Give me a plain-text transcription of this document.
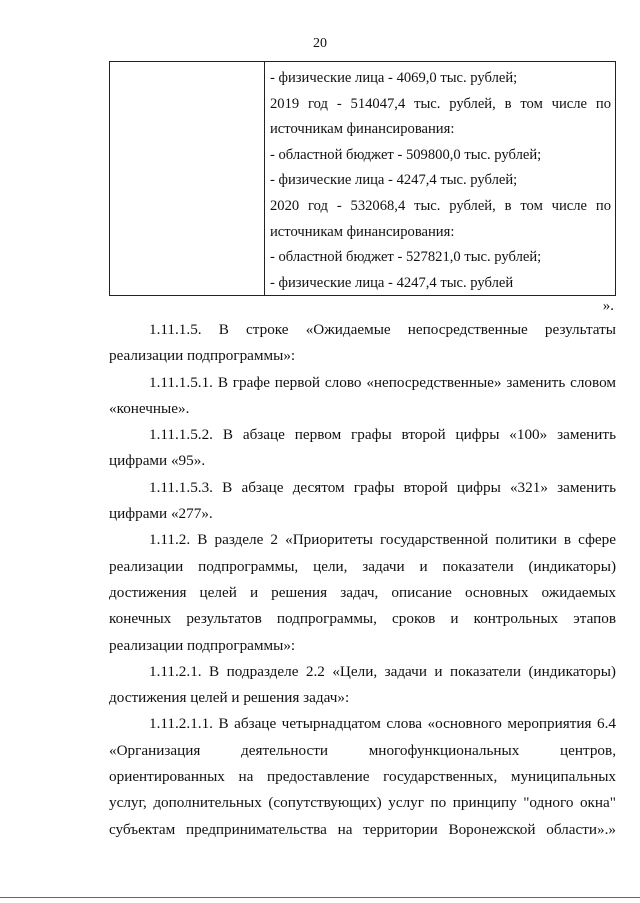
20
- физические лица - 4069,0 тыс. рублей;
2019 год - 514047,4 тыс. рублей, в том числе по
источникам финансирования:
- областной бюджет - 509800,0 тыс. рублей;
- физические лица - 4247,4 тыс. рублей;
2020 год - 532068,4 тыс. рублей, в том числе по
источникам финансирования:
- областной бюджет - 527821,0 тыс. рублей;
- физические лица - 4247,4 тыс. рублей
».
1.11.1.5. В строке «Ожидаемые непосредственные результаты
реализации подпрограммы»:
1.11.1.5.1. В графе первой слово «непосредственные» заменить словом
«конечные».
1.11.1.5.2. В абзаце первом графы второй цифры «100» заменить
цифрами «95».
1.11.1.5.3. В абзаце десятом графы второй цифры «321» заменить
цифрами «277».
1.11.2. В разделе 2 «Приоритеты государственной политики в сфере
реализации подпрограммы, цели, задачи и показатели (индикаторы)
достижения целей и решения задач, описание основных ожидаемых
конечных результатов подпрограммы, сроков и контрольных этапов
реализации подпрограммы»:
1.11.2.1. В подразделе 2.2 «Цели, задачи и показатели (индикаторы)
достижения целей и решения задач»:
1.11.2.1.1. В абзаце четырнадцатом слова «основного мероприятия 6.4
«Организация деятельности многофункциональных центров,
ориентированных на предоставление государственных, муниципальных
услуг, дополнительных (сопутствующих) услуг по принципу "одного окна"
субъектам предпринимательства на территории Воронежской области».»
